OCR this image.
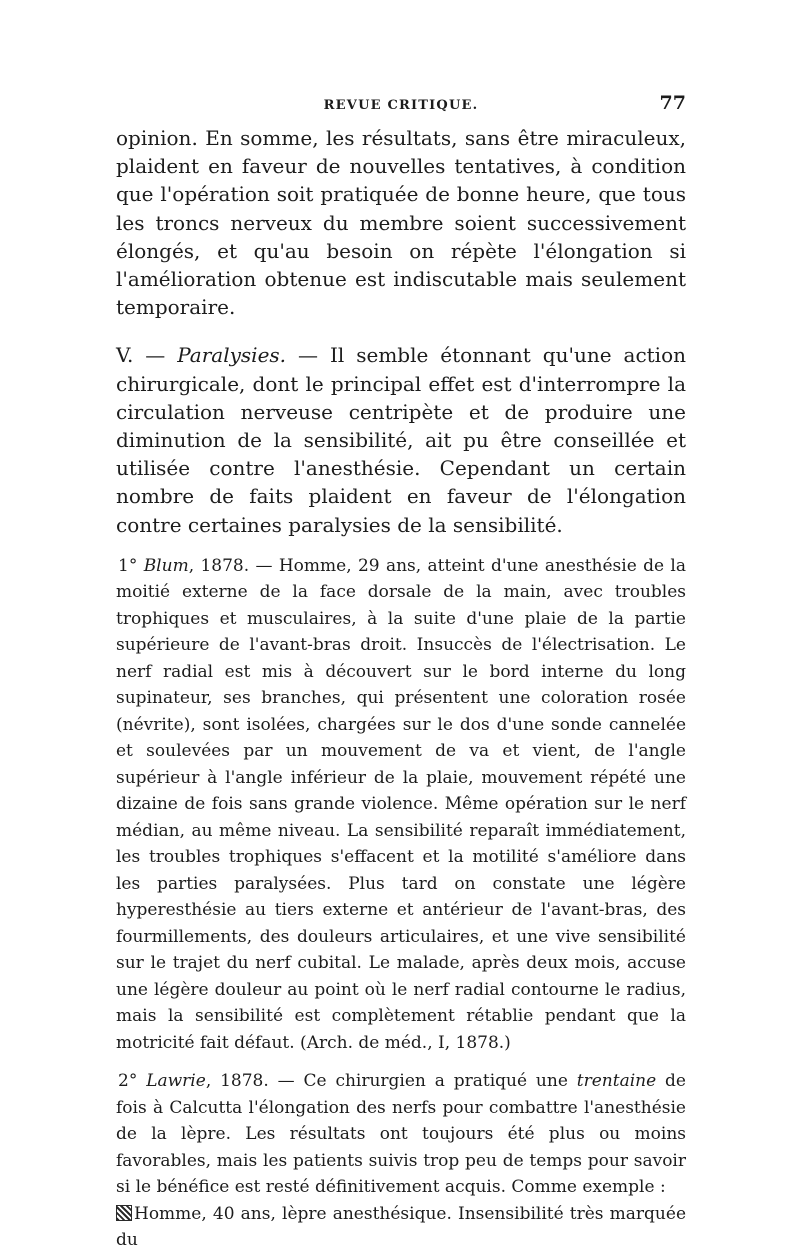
REVUE CRITIQUE.	77

opinion. En somme, les résultats, sans être miraculeux, plaident en faveur de nouvelles tentatives, à condition que l'opération soit pratiquée de bonne heure, que tous les troncs nerveux du membre soient successivement élongés, et qu'au besoin on répète l'élongation si l'amélioration obtenue est indiscutable mais seulement temporaire.

V. — Paralysies. — Il semble étonnant qu'une action chirurgicale, dont le principal effet est d'interrompre la circulation nerveuse centripète et de produire une diminution de la sensibilité, ait pu être conseillée et utilisée contre l'anesthésie. Cependant un certain nombre de faits plaident en faveur de l'élongation contre certaines paralysies de la sensibilité.

1° Blum, 1878. — Homme, 29 ans, atteint d'une anesthésie de la moitié externe de la face dorsale de la main, avec troubles trophiques et musculaires, à la suite d'une plaie de la partie supérieure de l'avant-bras droit. Insuccès de l'électrisation. Le nerf radial est mis à découvert sur le bord interne du long supinateur, ses branches, qui présentent une coloration rosée (névrite), sont isolées, chargées sur le dos d'une sonde cannelée et soulevées par un mouvement de va et vient, de l'angle supérieur à l'angle inférieur de la plaie, mouvement répété une dizaine de fois sans grande violence. Même opération sur le nerf médian, au même niveau. La sensibilité reparaît immédiatement, les troubles trophiques s'effacent et la motilité s'améliore dans les parties paralysées. Plus tard on constate une légère hyperesthésie au tiers externe et antérieur de l'avant-bras, des fourmillements, des douleurs articulaires, et une vive sensibilité sur le trajet du nerf cubital. Le malade, après deux mois, accuse une légère douleur au point où le nerf radial contourne le radius, mais la sensibilité est complètement rétablie pendant que la motricité fait défaut. (Arch. de méd., I, 1878.)

2° Lawrie, 1878. — Ce chirurgien a pratiqué une trentaine de fois à Calcutta l'élongation des nerfs pour combattre l'anesthésie de la lèpre. Les résultats ont toujours été plus ou moins favorables, mais les patients suivis trop peu de temps pour savoir si le bénéfice est resté définitivement acquis. Comme exemple :

Homme, 40 ans, lèpre anesthésique. Insensibilité très marquée du
